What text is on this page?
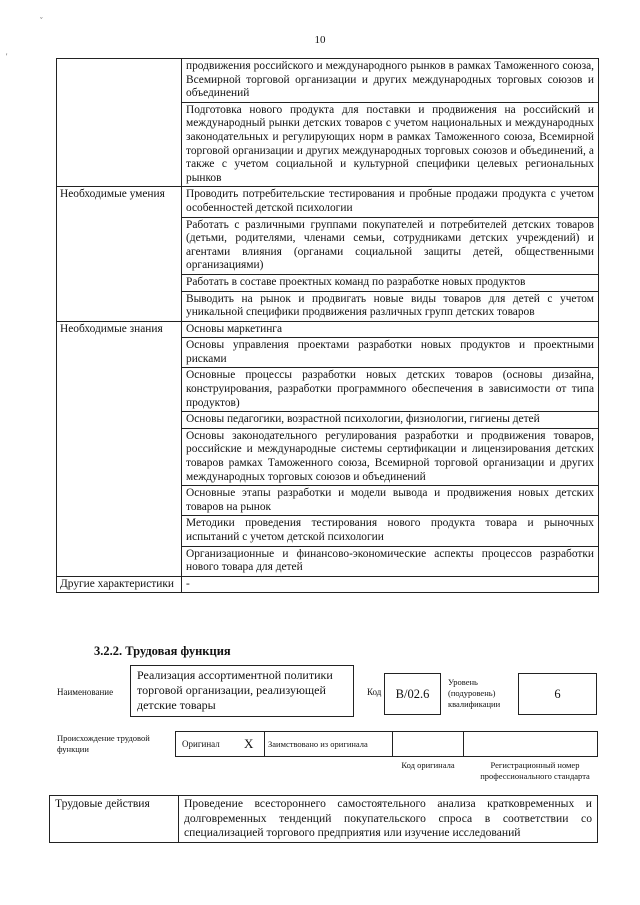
ˇ
'
10
	продвижения российского и международного рынков в рамках Таможенного союза, Всемирной торговой организации и других международных торговых союзов и объединений
	Подготовка нового продукта для поставки и продвижения на российский и международный рынки детских товаров с учетом национальных и международных законодательных и регулирующих норм в рамках Таможенного союза, Всемирной торговой организации и других международных торговых союзов и объединений, а также с учетом социальной и культурной специфики целевых региональных рынков
Необходимые умения	Проводить потребительские тестирования и пробные продажи продукта с учетом особенностей детской психологии
	Работать с различными группами покупателей и потребителей детских товаров (детьми, родителями, членами семьи, сотрудниками детских учреждений) и агентами влияния (органами социальной защиты детей, общественными организациями)
	Работать в составе проектных команд по разработке новых продуктов
	Выводить на рынок и продвигать новые виды товаров для детей с учетом уникальной специфики продвижения различных групп детских товаров
Необходимые знания	Основы маркетинга
	Основы управления проектами разработки новых продуктов и проектными рисками
	Основные процессы разработки новых детских товаров (основы дизайна, конструирования, разработки программного обеспечения в зависимости от типа продуктов)
	Основы педагогики, возрастной психологии, физиологии, гигиены детей
	Основы законодательного регулирования разработки и продвижения товаров, российские и международные системы сертификации и лицензирования детских товаров рамках Таможенного союза, Всемирной торговой организации и других международных торговых союзов и объединений
	Основные этапы разработки и модели вывода и продвижения новых детских товаров на рынок
	Методики проведения тестирования нового продукта товара и рыночных испытаний с учетом детской психологии
	Организационные и финансово-экономические аспекты процессов разработки нового товара для детей
Другие характеристики	-
3.2.2. Трудовая функция
Наименование
Реализация ассортиментной политики торговой организации, реализующей детские товары
Код	В/02.6
Уровень (подуровень) квалификации
6
Происхождение трудовой функции	Оригинал X Заимствовано из оригинала
Код оригинала	Регистрационный номер профессионального стандарта
Трудовые действия	Проведение всестороннего самостоятельного анализа кратковременных и долговременных тенденций покупательского спроса в соответствии со специализацией торгового предприятия или изучение исследований
